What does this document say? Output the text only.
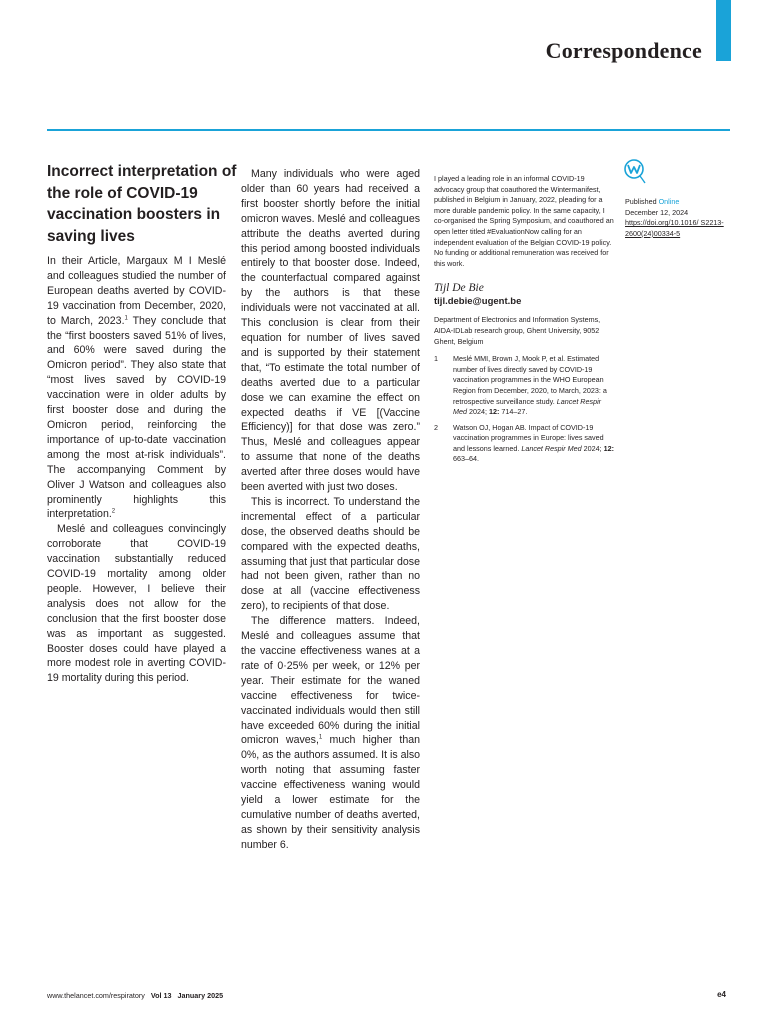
Correspondence
Incorrect interpretation of the role of COVID-19 vaccination boosters in saving lives

In their Article, Margaux M I Meslé and colleagues studied the number of European deaths averted by COVID-19 vaccination from December, 2020, to March, 2023.$^1$ They conclude that the “first boosters saved 51% of lives, and 60% were saved during the Omicron period”. They also state that “most lives saved by COVID-19 vaccination were in older adults by first booster dose and during the Omicron period, reinforcing the importance of up-to-date vaccination among the most at-risk individuals”. The accompanying Comment by Oliver J Watson and colleagues also prominently highlights this interpretation.$^2$

Meslé and colleagues convincingly corroborate that COVID-19 vaccination substantially reduced COVID-19 mortality among older people. However, I believe their analysis does not allow for the conclusion that the first booster dose was as important as suggested. Booster doses could have played a more modest role in averting COVID-19 mortality during this period.

Many individuals who were aged older than 60 years had received a first booster shortly before the initial omicron waves. Meslé and colleagues attribute the deaths averted during this period among boosted individuals entirely to that booster dose. Indeed, the counterfactual compared against by the authors is that these individuals were not vaccinated at all. This conclusion is clear from their equation for number of lives saved and is supported by their statement that, “To estimate the total number of deaths averted due to a particular dose we can examine the effect on expected deaths if VE [(Vaccine Efficiency)] for that dose was zero.” Thus, Meslé and colleagues appear to assume that none of the deaths averted after three doses would have been averted with just two doses.

This is incorrect. To understand the incremental effect of a particular dose, the observed deaths should be compared with the expected deaths, assuming that just that particular dose had not been given, rather than no dose at all (vaccine effectiveness zero), to recipients of that dose.

The difference matters. Indeed, Meslé and colleagues assume that the vaccine effectiveness wanes at a rate of 0·25% per week, or 12% per year. Their estimate for the waned vaccine effectiveness for twice-vaccinated individuals would then still have exceeded 60% during the initial omicron waves,$^1$ much higher than 0%, as the authors assumed. It is also worth noting that assuming faster vaccine effectiveness waning would yield a lower estimate for the cumulative number of deaths averted, as shown by their sensitivity analysis number 6.

I played a leading role in an informal COVID-19 advocacy group that coauthored the Wintermanifest, published in Belgium in January, 2022, pleading for a more durable pandemic policy. In the same capacity, I co-organised the Spring Symposium, and coauthored an open letter titled #EvaluationNow calling for an independent evaluation of the Belgian COVID-19 policy. No funding or additional remuneration was received for this work.
Tijl De Bie
tijl.debie@ugent.be
Department of Electronics and Information Systems, AIDA-IDLab research group, Ghent University, 9052 Ghent, Belgium
1	Meslé MMI, Brown J, Mook P, et al. Estimated number of lives directly saved by COVID-19 vaccination programmes in the WHO European Region from December, 2020, to March, 2023: a retrospective surveillance study. Lancet Respir Med 2024; 12: 714–27.
2	Watson OJ, Hogan AB. Impact of COVID-19 vaccination programmes in Europe: lives saved and lessons learned. Lancet Respir Med 2024; 12: 663–64.
Published Online
December 12, 2024
https://doi.org/10.1016/ S2213-2600(24)00334-5
www.thelancet.com/respiratory Vol 13 January 2025	e4
